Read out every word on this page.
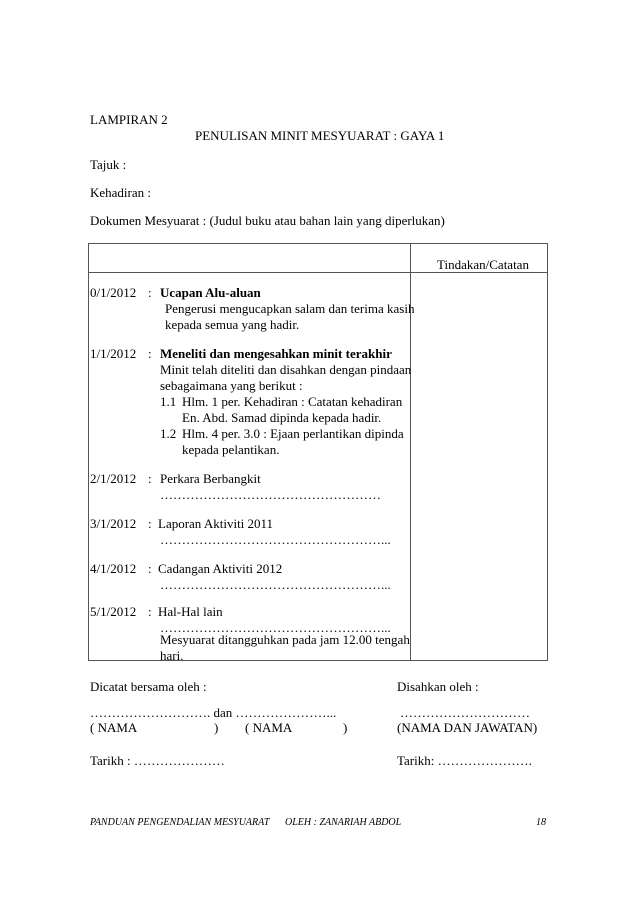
LAMPIRAN 2
PENULISAN MINIT MESYUARAT : GAYA 1
Tajuk :
Kehadiran :
Dokumen Mesyuarat : (Judul buku atau bahan lain yang diperlukan)
Tindakan/Catatan
0/1/2012 : Ucapan Alu-aluan
Pengerusi mengucapkan salam dan terima kasih
kepada semua yang hadir.
1/1/2012 : Meneliti dan mengesahkan minit terakhir
Minit telah diteliti dan disahkan dengan pindaan
sebagaimana yang berikut :
1.1 Hlm. 1 per. Kehadiran : Catatan kehadiran
En. Abd. Samad dipinda kepada hadir.
1.2 Hlm. 4 per. 3.0 : Ejaan perlantikan dipinda
kepada pelantikan.
2/1/2012 : Perkara Berbangkit
……………………………………………
3/1/2012 : Laporan Aktiviti 2011
……………………………………………...
4/1/2012 : Cadangan Aktiviti 2012
……………………………………………...
5/1/2012 : Hal-Hal lain
……………………………………………...
Mesyuarat ditangguhkan pada jam 12.00 tengah
hari.
Dicatat bersama oleh :	Disahkan oleh :
………………………. dan …………………...	…………………………
( NAMA	) ( NAMA	)	(NAMA DAN JAWATAN)
Tarikh : …………………	Tarikh: ………………….
PANDUAN PENGENDALIAN MESYUARAT OLEH : ZANARIAH ABDOL	18
